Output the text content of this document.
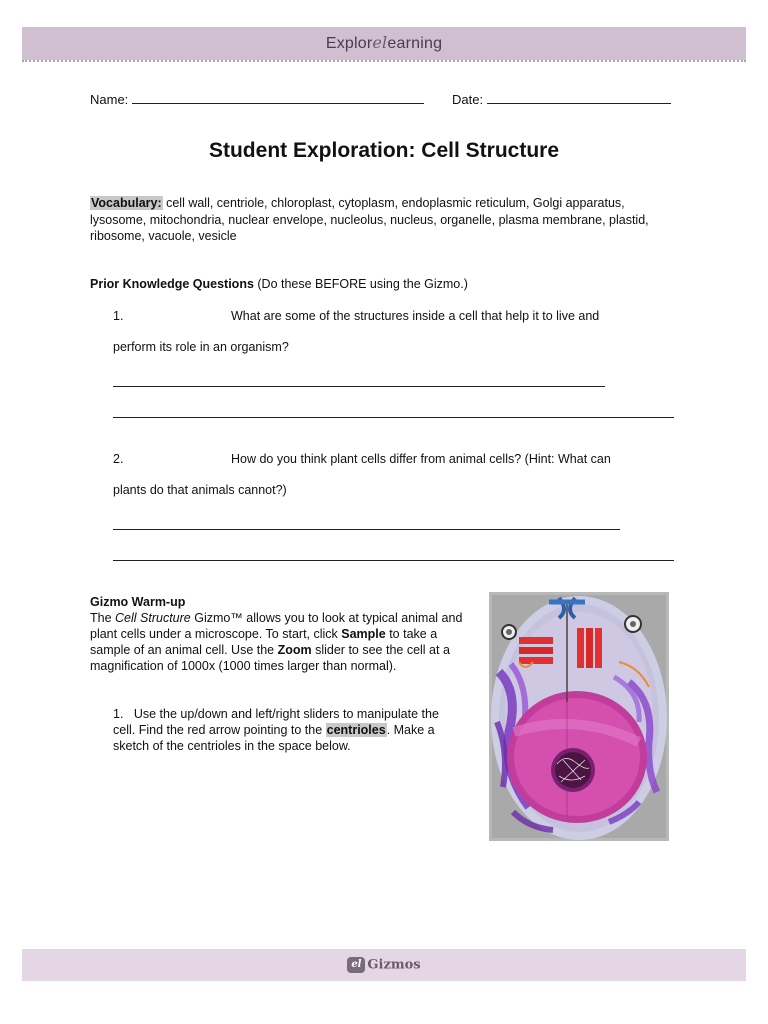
Explorelearning
Name:	Date:
Student Exploration: Cell Structure
Vocabulary: cell wall, centriole, chloroplast, cytoplasm, endoplasmic reticulum, Golgi apparatus, lysosome, mitochondria, nuclear envelope, nucleolus, nucleus, organelle, plasma membrane, plastid, ribosome, vacuole, vesicle
Prior Knowledge Questions (Do these BEFORE using the Gizmo.)
1.	What are some of the structures inside a cell that help it to live and
perform its role in an organism?
2.	How do you think plant cells differ from animal cells? (Hint: What can
plants do that animals cannot?)
Gizmo Warm-up
The Cell Structure Gizmo™ allows you to look at typical animal and plant cells under a microscope. To start, click Sample to take a sample of an animal cell. Use the Zoom slider to see the cell at a magnification of 1000x (1000 times larger than normal).
1. Use the up/down and left/right sliders to manipulate the cell. Find the red arrow pointing to the centrioles. Make a sketch of the centrioles in the space below.
el Gizmos
